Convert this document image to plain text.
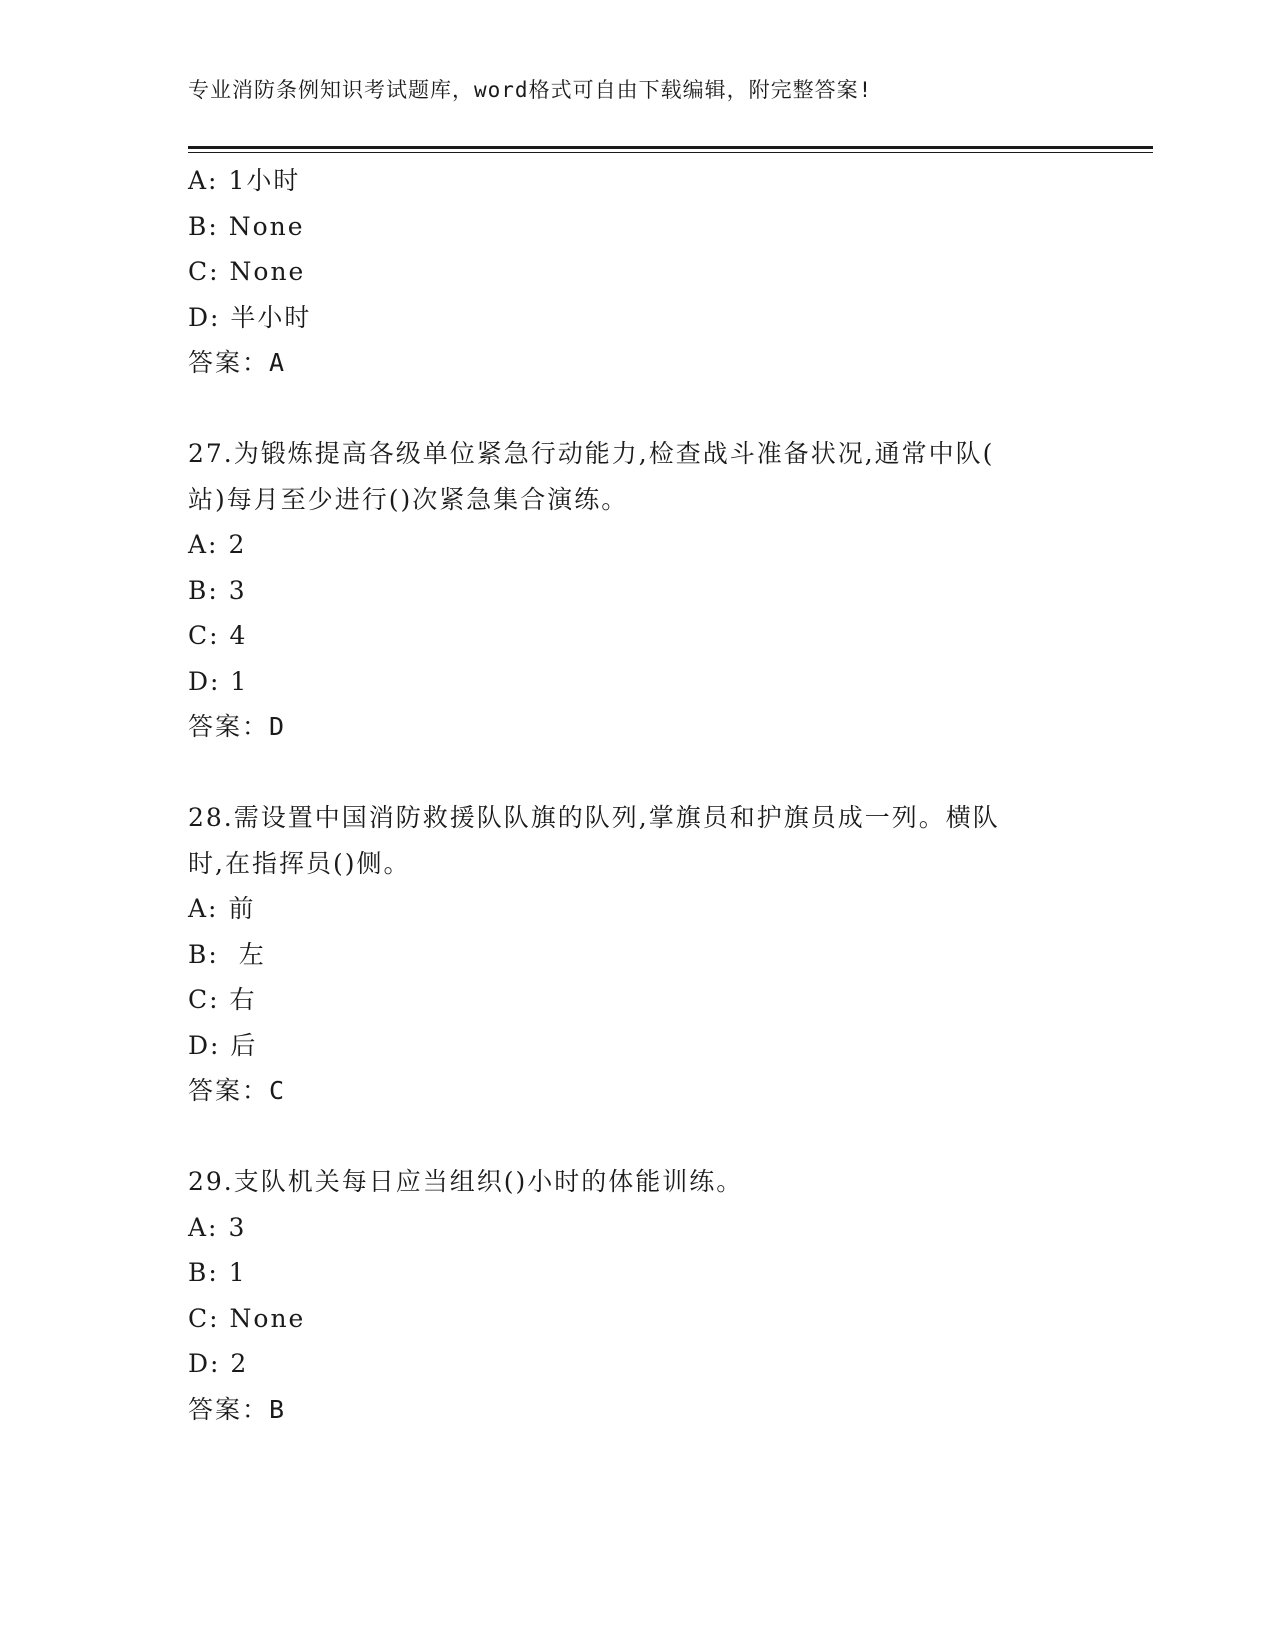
专业消防条例知识考试题库，word格式可自由下载编辑，附完整答案!
A: 1小时
B: None
C: None
D: 半小时
答案：A
27.为锻炼提高各级单位紧急行动能力,检查战斗准备状况,通常中队(
站)每月至少进行()次紧急集合演练。
A: 2
B: 3
C: 4
D: 1
答案：D
28.需设置中国消防救援队队旗的队列,掌旗员和护旗员成一列。横队
时,在指挥员()侧。
A: 前
B:  左
C: 右
D: 后
答案：C
29.支队机关每日应当组织()小时的体能训练。
A: 3
B: 1
C: None
D: 2
答案：B
